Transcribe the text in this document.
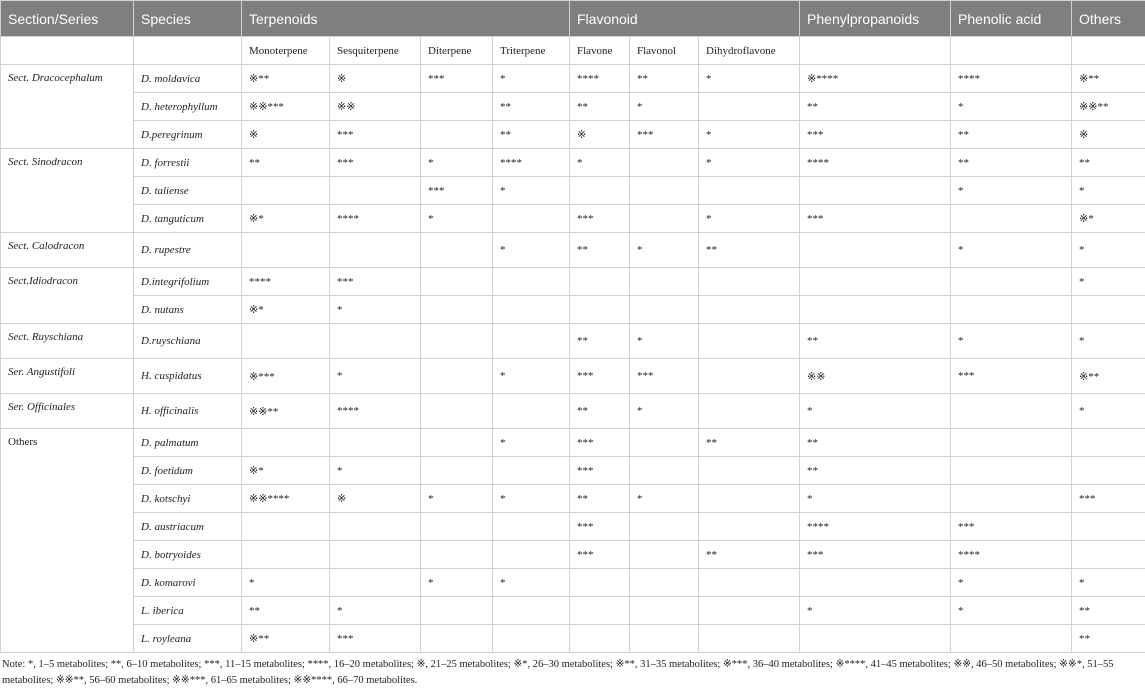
Section/Series	Species	Terpenoids				Flavonoid			Phenylpropanoids	Phenolic acid	Others
		Monoterpene	Sesquiterpene	Diterpene	Triterpene	Flavone	Flavonol	Dihydroflavone			
Sect. Dracocephalum	D. moldavica	※**	※	***	*	****	**	*	※****	****	※**
	D. heterophyllum	※※***	※※		**	**	*		**	*	※※**
	D.peregrinum	※	***		**	※	***	*	***	**	※
Sect. Sinodracon	D. forrestii	**	***	*	****	*		*	****	**	**
	D. taliense			***	*					*	*
	D. tanguticum	※*	****	*		***		*	***		※*
Sect. Calodracon	D. rupestre				*	**	*	**		*	*
Sect.Idiodracon	D.integrifolium	****	***								*
	D. nutans	※*	*								
Sect. Ruyschiana	D.ruyschiana					**	*		**	*	*
Ser. Angustifoli	H. cuspidatus	※***	*		*	***	***		※※	***	※**
Ser. Officinales	H. officinalis	※※**	****			**	*		*		*
Others	D. palmatum				*	***		**	**		
	D. foetidum	※*	*			***			**		
	D. kotschyi	※※****	※	*	*	**	*		*		***
	D. austriacum					***			****	***	
	D. botryoides					***		**	***	****	
	D. komarovi	*		*	*					*	*
	L. iberica	**	*						*	*	**
	L. royleana	※**	***								**
Note: *, 1–5 metabolites; **, 6–10 metabolites; ***, 11–15 metabolites; ****, 16–20 metabolites; ※, 21–25 metabolites; ※*, 26–30 metabolites; ※**, 31–35 metabolites; ※***, 36–40 metabolites; ※****, 41–45 metabolites; ※※, 46–50 metabolites; ※※*, 51–55 metabolites; ※※**, 56–60 metabolites; ※※***, 61–65 metabolites; ※※****, 66–70 metabolites.
